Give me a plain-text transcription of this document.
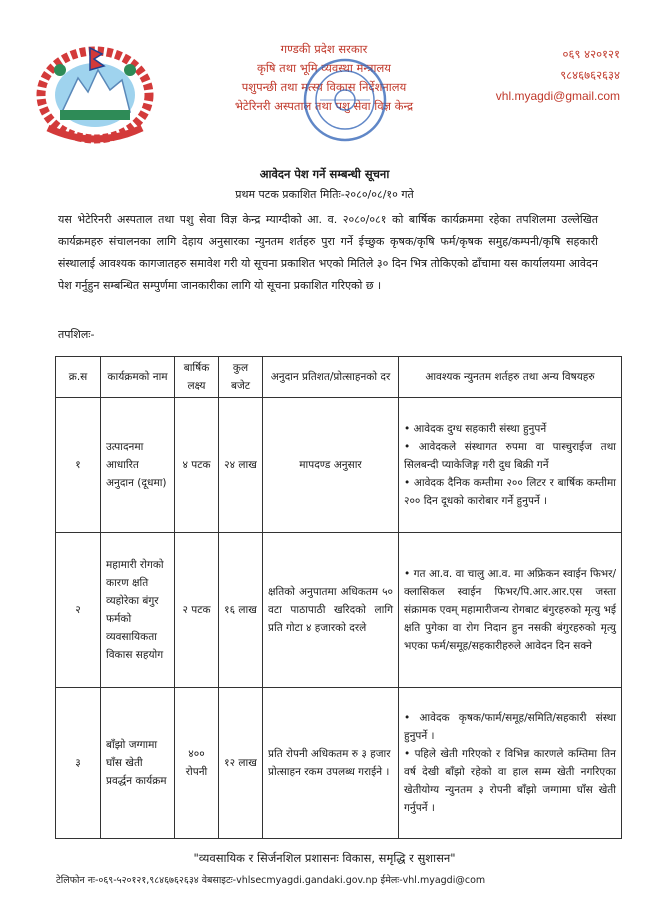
गण्डकी प्रदेश सरकार
कृषि तथा भूमि व्यवस्था मन्त्रालय
पशुपन्छी तथा मत्स्य विकास निर्देशनालय
भेटेरिनरी अस्पताल तथा पशु सेवा विज्ञ केन्द्र
०६९ ४२०१२१
९८४६७६२६३४
vhl.myagdi@gmail.com
आवेदन पेश गर्ने सम्बन्धी सूचना
प्रथम पटक प्रकाशित मितिः-२०८०/०८/१० गते
यस भेटेरिनरी अस्पताल तथा पशु सेवा विज्ञ केन्द्र म्याग्दीको आ. व. २०८०/०८१ को बार्षिक कार्यक्रममा रहेका तपशिलमा उल्लेखित कार्यक्रमहरु संचालनका लागि देहाय अनुसारका न्युनतम शर्तहरु पुरा गर्ने ईच्छुक कृषक/कृषि फर्म/कृषक समुह/कम्पनी/कृषि सहकारी संस्थालाई आवश्यक कागजातहरु समावेश गरी यो सूचना प्रकाशित भएको मितिले ३० दिन भित्र तोकिएको ढाँचामा यस कार्यालयमा आवेदन पेश गर्नुहुन सम्बन्धित सम्पुर्णमा जानकारीका लागि यो सूचना प्रकाशित गरिएको छ ।
तपशिलः-
क्र.स	कार्यक्रमको नाम	बार्षिक लक्ष्य	कुल बजेट	अनुदान प्रतिशत/प्रोत्साहनको दर	आवश्यक न्युनतम शर्तहरु तथा अन्य विषयहरु
१	उत्पादनमा आधारित अनुदान (दूधमा)	४ पटक	२४ लाख	मापदण्ड अनुसार	• आवेदक दुग्ध सहकारी संस्था हुनुपर्ने

• आवेदकले संस्थागत रुपमा वा पास्चुराईज तथा सिलबन्दी प्याकेजिङ्ग गरी दुध बिक्री गर्ने

• आवेदक दैनिक कम्तीमा २०० लिटर र बार्षिक कम्तीमा २०० दिन दूधको कारोबार गर्ने हुनुपर्ने ।

२	महामारी रोगको कारण क्षति व्यहोरेका बंगुर फर्मको व्यवसायिकता विकास सहयोग	२ पटक	१६ लाख	क्षतिको अनुपातमा अधिकतम ५० वटा पाठापाठी खरिदको लागि प्रति गोटा ४ हजारको दरले	• गत आ.व. वा चालु आ.व. मा अफ्रिकन स्वाईन फिभर/क्लासिकल स्वाईन फिभर/पि.आर.आर.एस जस्ता संक्रामक एवम् महामारीजन्य रोगबाट बंगुरहरुको मृत्यु भई क्षति पुगेका वा रोग निदान हुन नसकी बंगुरहरुको मृत्यु भएका फर्म/समूह/सहकारीहरुले आवेदन दिन सक्ने

३	बाँझो जग्गामा घाँस खेती प्रवर्द्धन कार्यक्रम	४०० रोपनी	१२ लाख	प्रति रोपनी अधिकतम रु ३ हजार प्रोत्साहन रकम उपलब्ध गराईने ।	• आवेदक कृषक/फार्म/समूह/समिति/सहकारी संस्था हुनुपर्ने ।

• पहिले खेती गरिएको र विभिन्न कारणले कम्तिमा तिन वर्ष देखी बाँझो रहेको वा हाल सम्म खेती नगरिएका खेतीयोग्य न्युनतम ३ रोपनी बाँझो जग्गामा घाँस खेती गर्नुपर्ने ।

"व्यवसायिक र सिर्जनशिल प्रशासनः विकास, समृद्धि र सुशासन"
टेलिफोन नः-०६९-५२०१२१,९८४६७६२६३४ वेबसाइटः-vhlsecmyagdi.gandaki.gov.np ईमेलः-vhl.myagdi@com
